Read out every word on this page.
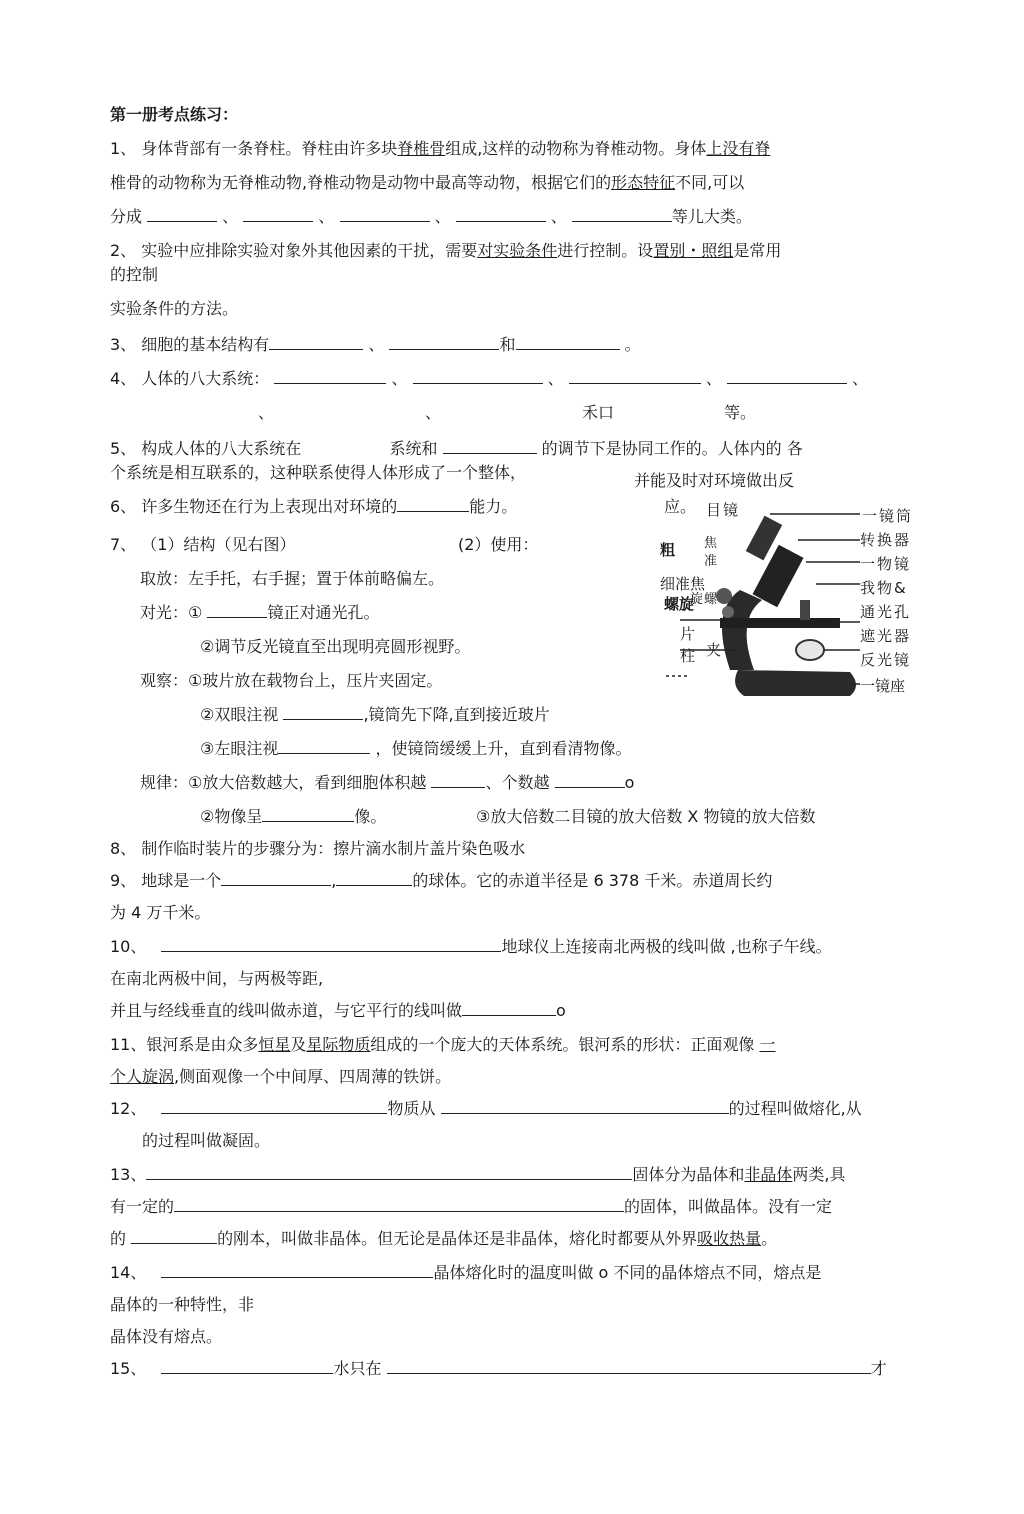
第一册考点练习：
1、 身体背部有一条脊柱。脊柱由许多块脊椎骨组成,这样的动物称为脊椎动物。身体上没有脊
椎骨的动物称为无脊椎动物,脊椎动物是动物中最高等动物，根据它们的形态特征不同,可以
分成	、	、	、	、	等儿大类。
2、 实验中应排除实验对象外其他因素的干扰，需要对实验条件进行控制。设置别・照组是常用
的控制
实验条件的方法。
3、 细胞的基本结构有	、	和	。
4、 人体的八大系统：	、	、	、	、
、	、	禾口	等。
5、 构成人体的八大系统在	系统和	的调节下是协同工作的。人体内的 各
个系统是相互联系的，这种联系使得人体形成了一个整体，	并能及时对环境做出反
6、 许多生物还在行为上表现出对环境的	能力。	应。
7、 （1）结构（见右图）	(2）使用：
取放：左手托，右手握；置于体前略偏左。
对光：①	镜正对通光孔。
②调节反光镜直至出现明亮圆形视野。
观察：①玻片放在载物台上，压片夹固定。
②双眼注视	,镜筒先下降,直到接近玻片
③左眼注视	，使镜筒缓缓上升，直到看清物像。
规律：①放大倍数越大，看到细胞体积越	、个数越	o
②物像呈	像。	③放大倍数二目镜的放大倍数 X 物镜的放大倍数
目镜
粗 焦
准
螺
旋
细准焦
螺旋
片
夹
柱
一镜筒
转换器
一物镜
我物&
通光孔
遮光器
反光镜
一镜座
8、 制作临时装片的步骤分为：擦片滴水制片盖片染色吸水
9、 地球是一个	,	的球体。它的赤道半径是 6 378 千米。赤道周长约
为 4 万千米。
10、	地球仪上连接南北两极的线叫做 ,也称子午线。
在南北两极中间，与两极等距,
并且与经线垂直的线叫做赤道，与它平行的线叫做	o
11、银河系是由众多恒星及星际物质组成的一个庞大的天体系统。银河系的形状：正面观像 一
个人旋涡,侧面观像一个中间厚、四周薄的铁饼。
12、	物质从	的过程叫做熔化,从
的过程叫做凝固。
13、	固体分为晶体和非晶体两类,具
有一定的	的固体，叫做晶体。没有一定
的	的刚本，叫做非晶体。但无论是晶体还是非晶体，熔化时都要从外界吸收热量。
14、	晶体熔化时的温度叫做 o 不同的晶体熔点不同，熔点是
晶体的一种特性，非
晶体没有熔点。
15、	水只在	才
